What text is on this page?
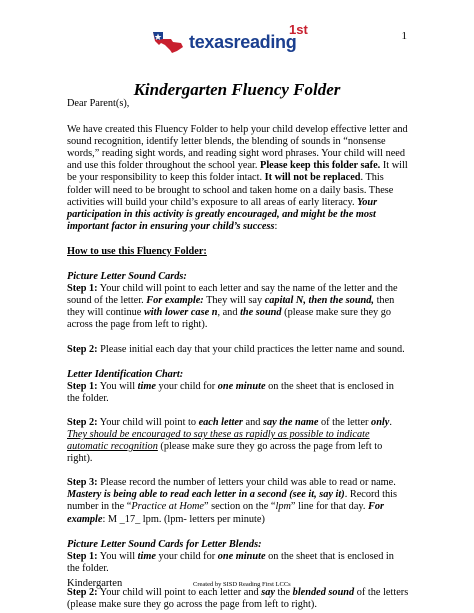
1
texasreading
1st
Kindergarten Fluency Folder

Dear Parent(s),

We have created this Fluency Folder to help your child develop effective letter and sound recognition, identify letter blends, the blending of sounds in “nonsense words,” reading sight words, and reading sight word phrases. Your child will need and use this folder throughout the school year. Please keep this folder safe. It will be your responsibility to keep this folder intact. It will not be replaced. This folder will need to be brought to school and taken home on a daily basis. These activities will build your child’s exposure to all areas of early literacy. Your participation in this activity is greatly encouraged, and might be the most important factor in ensuring your child’s success:

How to use this Fluency Folder:

Picture Letter Sound Cards:

Step 1: Your child will point to each letter and say the name of the letter and the sound of the letter. For example: They will say capital N, then the sound, then they will continue with lower case n, and the sound (please make sure they go across the page from left to right).

Step 2: Please initial each day that your child practices the letter name and sound.

Letter Identification Chart:

Step 1: You will time your child for one minute on the sheet that is enclosed in the folder.

Step 2: Your child will point to each letter and say the name of the letter only. They should be encouraged to say these as rapidly as possible to indicate automatic recognition (please make sure they go across the page from left to right).

Step 3: Please record the number of letters your child was able to read or name. Mastery is being able to read each letter in a second (see it, say it). Record this number in the “Practice at Home” section on the “lpm” line for that day. For example: M _17_ lpm. (lpm- letters per minute)

Picture Letter Sound Cards for Letter Blends:

Step 1: You will time your child for one minute on the sheet that is enclosed in the folder.

Step 2: Your child will point to each letter and say the blended sound of the letters (please make sure they go across the page from left to right).

Kindergarten	Created by SISD Reading First LCCs
